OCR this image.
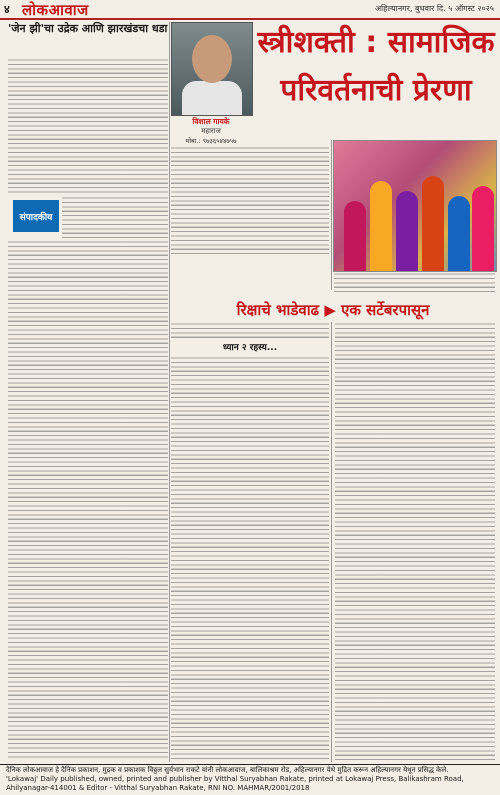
४ लोकआवाज	अहिल्यानगर, बुधवार दि. ५ ऑगस्ट २०२५
'जेन झी'चा उद्रेक आणि झारखंडचा धडा
संपादकीय
विशाल गायके
महाराज
मोबा.: ९७३६५४४७५७
स्त्रीशक्ती : सामाजिक
परिवर्तनाची प्रेरणा
रिक्षाचे भाडेवाढ ▶ एक सर्टेबरपासून
ध्यान २ रहस्य...
दैनिक लोकआवाज हे दैनिक प्रकाशन, मुद्रक व प्रकाशक विठ्ठल सुर्यभान राकटे यांनी लोकआवाज, बालिकाश्रम रोड, अहिल्यानगर येथे मुद्रित करून अहिल्यानगर येथून प्रसिद्ध केले.
'Lokawaj' Daily published, owned, printed and publisher by Vitthal Suryabhan Rakate, printed at Lokawaj Press, Balikashram Road, Ahilyanagar-414001 & Editor - Vitthal Suryabhan Rakate, RNI NO. MAHMAR/2001/2018
